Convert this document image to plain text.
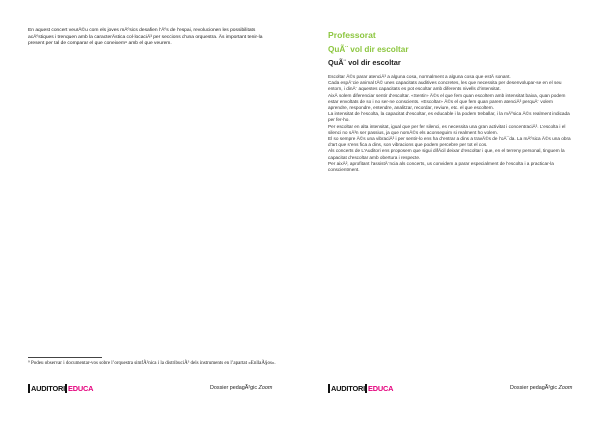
En aquest concert veurÃ©u com els joves mÃºsics desafien l’Ãºs de l’espai, revolucionen les possibilitats acÃºstiques i trenquen amb la caracterÃstica col·locaciÃ³ per seccions d’una orquestra. Ãs important tenir-la present per tal de comparar el que coneixem⁹ amb el que veurem.

⁹ Podeu observar i documentar-vos sobre l’orquestra simfÃ²nica i la distribuciÃ³ dels instruments en l’apartat «EnllaÃ§os».

AUDITORI EDUCA	Dossier pedagÃ²gic Zoom
Professorat
QuÃ¨ vol dir escoltar
QuÃ¨ vol dir escoltar

Escoltar Ã©s parar atenciÃ³ a alguna cosa, normalment a alguna cosa que estÃ sonant.

Cada espÃ¨cie animal tÃ© unes capacitats auditives concretes, les que necessita per desenvolupar-se en el seu entorn, i dinÃ¨ aquestes capacitats es pot escoltar amb diferents nivells d’intensitat.

AixÃ solem diferenciar sentir d’escoltar. «Sentir» Ã©s el que fem quan escoltem amb intensitat baixa, quan podem estar envoltats de so i no ser-ne conscients. «Escoltar» Ã©s el que fem quan parem atenciÃ³ perquÃ¨ volem aprendre, respondre, entendre, analitzar, recordar, reviure, etc. el que escoltem.

La intensitat de l’escolta, la capacitat d’escoltar, es educable i la podem treballar, i la mÃºsica Ã©s realment indicada per fer-ho.

Per escoltar en alta intensitat, igual que per fer silenci, es necessita una gran activitat i concentraciÃ³. L’escolta i el silenci no sÃ³n ser passius, ja que nomÃ©s els aconseguim si realment ho volem.

El so sempre Ã©s una vibraciÃ³ i per sentir-lo ens ha d’entrar a dins a travÃ©s de l’oÃ¯da. La mÃºsica Ã©s una obra d’art que s’ens fica a dins, son vibracions que podem percebre per tot el cos.

Als concerts de L’Auditori ens proposem que sigui difÃcil deixar d’escoltar i que, en el terreny personal, tinguem la capacitat d’escoltar amb obertura i respecte.

Per aixÃ², aprofitant l’assistÃ¨ncia als concerts, us convidem a parar especialment de l’escolta i a practicar-la conscientment.

AUDITORI EDUCA	Dossier pedagÃ²gic Zoom
